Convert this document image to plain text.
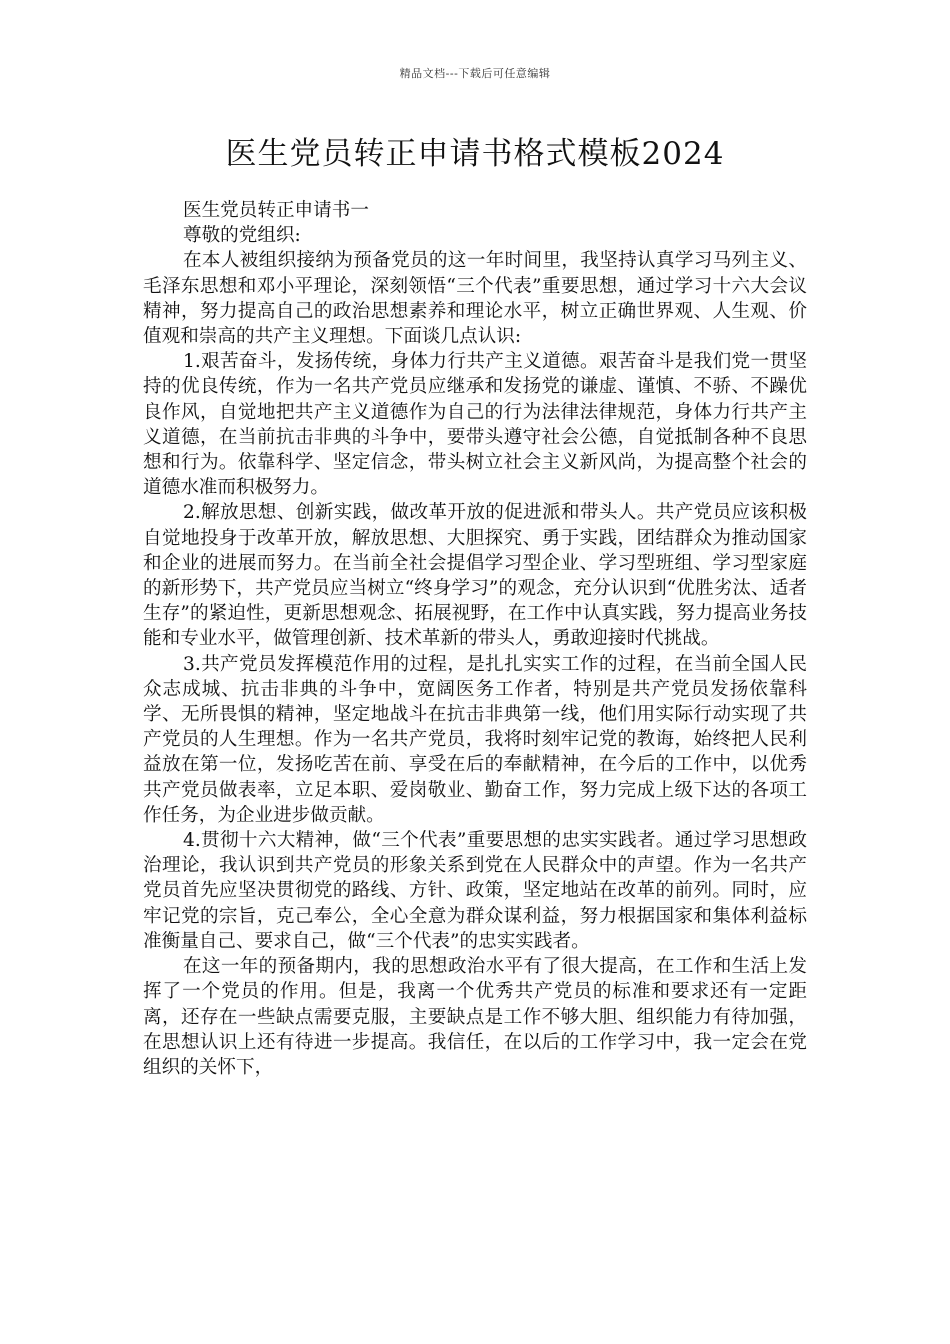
精品文档---下载后可任意编辑
医生党员转正申请书格式模板2024

医生党员转正申请书一

尊敬的党组织:

在本人被组织接纳为预备党员的这一年时间里，我坚持认真学习马列主义、毛泽东思想和邓小平理论，深刻领悟“三个代表”重要思想，通过学习十六大会议精神，努力提高自己的政治思想素养和理论水平，树立正确世界观、人生观、价值观和崇高的共产主义理想。下面谈几点认识:

1.艰苦奋斗，发扬传统，身体力行共产主义道德。艰苦奋斗是我们党一贯坚持的优良传统，作为一名共产党员应继承和发扬党的谦虚、谨慎、不骄、不躁优良作风，自觉地把共产主义道德作为自己的行为法律法律规范，身体力行共产主义道德，在当前抗击非典的斗争中，要带头遵守社会公德，自觉抵制各种不良思想和行为。依靠科学、坚定信念，带头树立社会主义新风尚，为提高整个社会的道德水准而积极努力。

2.解放思想、创新实践，做改革开放的促进派和带头人。共产党员应该积极自觉地投身于改革开放，解放思想、大胆探究、勇于实践，团结群众为推动国家和企业的进展而努力。在当前全社会提倡学习型企业、学习型班组、学习型家庭的新形势下，共产党员应当树立“终身学习”的观念，充分认识到“优胜劣汰、适者生存”的紧迫性，更新思想观念、拓展视野，在工作中认真实践，努力提高业务技能和专业水平，做管理创新、技术革新的带头人，勇敢迎接时代挑战。

3.共产党员发挥模范作用的过程，是扎扎实实工作的过程，在当前全国人民众志成城、抗击非典的斗争中，宽阔医务工作者，特别是共产党员发扬依靠科学、无所畏惧的精神，坚定地战斗在抗击非典第一线，他们用实际行动实现了共产党员的人生理想。作为一名共产党员，我将时刻牢记党的教诲，始终把人民利益放在第一位，发扬吃苦在前、享受在后的奉献精神，在今后的工作中，以优秀共产党员做表率，立足本职、爱岗敬业、勤奋工作，努力完成上级下达的各项工作任务，为企业进步做贡献。

4.贯彻十六大精神，做“三个代表”重要思想的忠实实践者。通过学习思想政治理论，我认识到共产党员的形象关系到党在人民群众中的声望。作为一名共产党员首先应坚决贯彻党的路线、方针、政策，坚定地站在改革的前列。同时，应牢记党的宗旨，克己奉公，全心全意为群众谋利益，努力根据国家和集体利益标准衡量自己、要求自己，做“三个代表”的忠实实践者。

在这一年的预备期内，我的思想政治水平有了很大提高，在工作和生活上发挥了一个党员的作用。但是，我离一个优秀共产党员的标准和要求还有一定距离，还存在一些缺点需要克服，主要缺点是工作不够大胆、组织能力有待加强，在思想认识上还有待进一步提高。我信任，在以后的工作学习中，我一定会在党组织的关怀下，
